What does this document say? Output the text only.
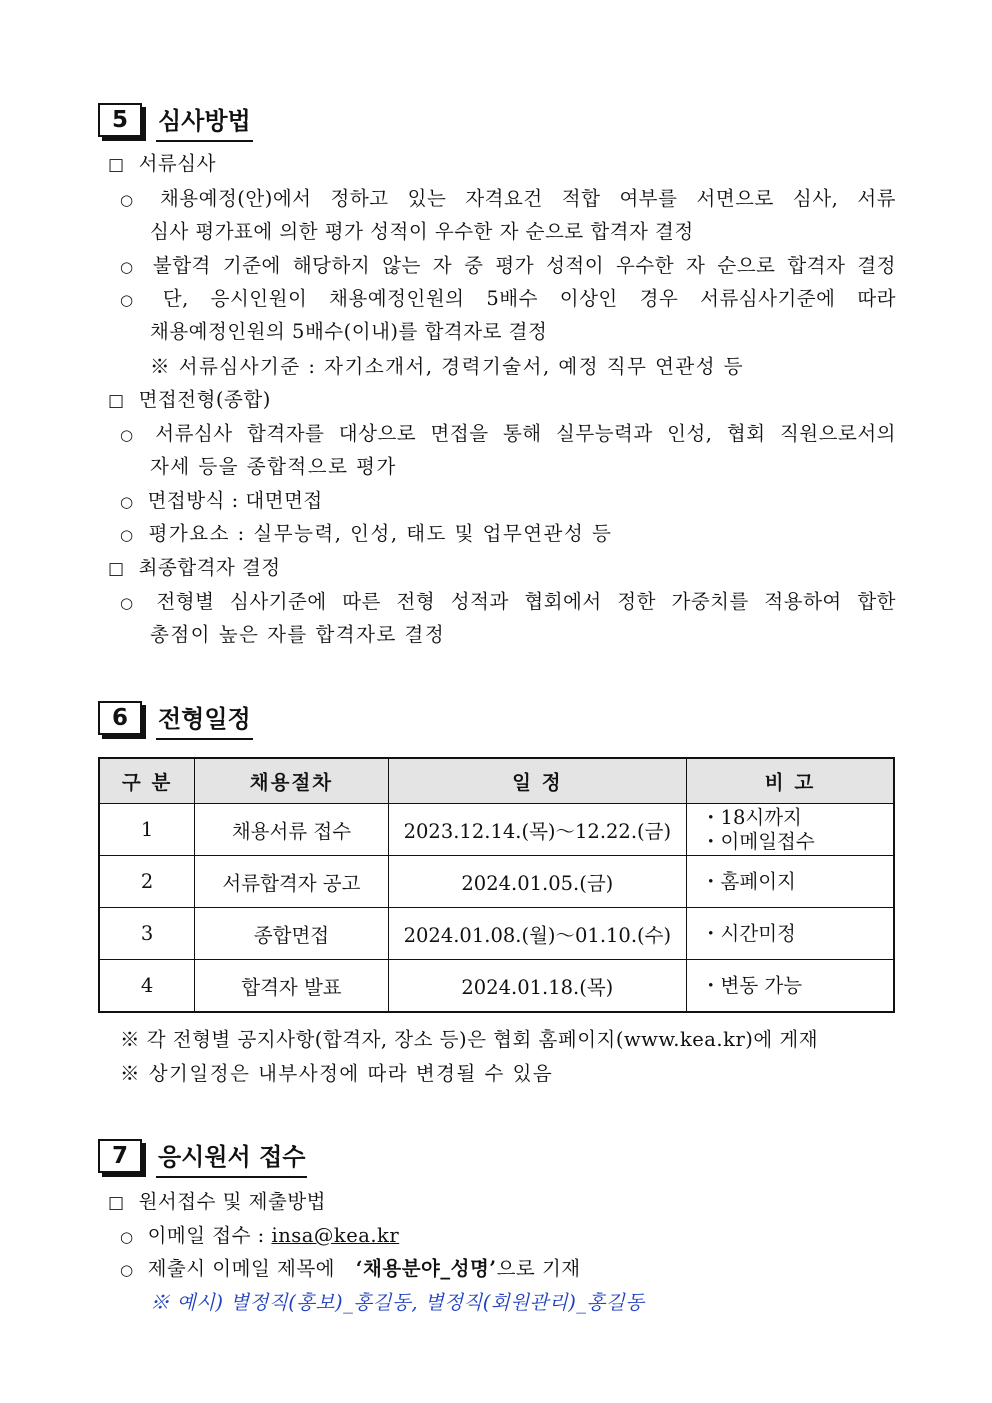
5	심사방법
□ 서류심사
○ 채용예정(안)에서 정하고 있는 자격요건 적합 여부를 서면으로 심사, 서류
심사 평가표에 의한 평가 성적이 우수한 자 순으로 합격자 결정
○ 불합격 기준에 해당하지 않는 자 중 평가 성적이 우수한 자 순으로 합격자 결정
○ 단, 응시인원이 채용예정인원의 5배수 이상인 경우 서류심사기준에 따라
채용예정인원의 5배수(이내)를 합격자로 결정
※ 서류심사기준 : 자기소개서, 경력기술서, 예정 직무 연관성 등
□ 면접전형(종합)
○ 서류심사 합격자를 대상으로 면접을 통해 실무능력과 인성, 협회 직원으로서의
자세 등을 종합적으로 평가
○ 면접방식 : 대면면접
○ 평가요소 : 실무능력, 인성, 태도 및 업무연관성 등
□ 최종합격자 결정
○ 전형별 심사기준에 따른 전형 성적과 협회에서 정한 가중치를 적용하여 합한
총점이 높은 자를 합격자로 결정
6	전형일정
구 분	채용절차	일 정	비 고
1	채용서류 접수	2023.12.14.(목)～12.22.(금)	・18시까지
・이메일접수

2	서류합격자 공고	2024.01.05.(금)	・홈페이지
3	종합면접	2024.01.08.(월)～01.10.(수)	・시간미정
4	합격자 발표	2024.01.18.(목)	・변동 가능
※ 각 전형별 공지사항(합격자, 장소 등)은 협회 홈페이지(www.kea.kr)에 게재
※ 상기일정은 내부사정에 따라 변경될 수 있음
7	응시원서 접수
□ 원서접수 및 제출방법
○ 이메일 접수 : insa@kea.kr
○ 제출시 이메일 제목에 ‘채용분야_성명’으로 기재
※ 예시) 별정직(홍보)_홍길동, 별정직(회원관리)_홍길동
